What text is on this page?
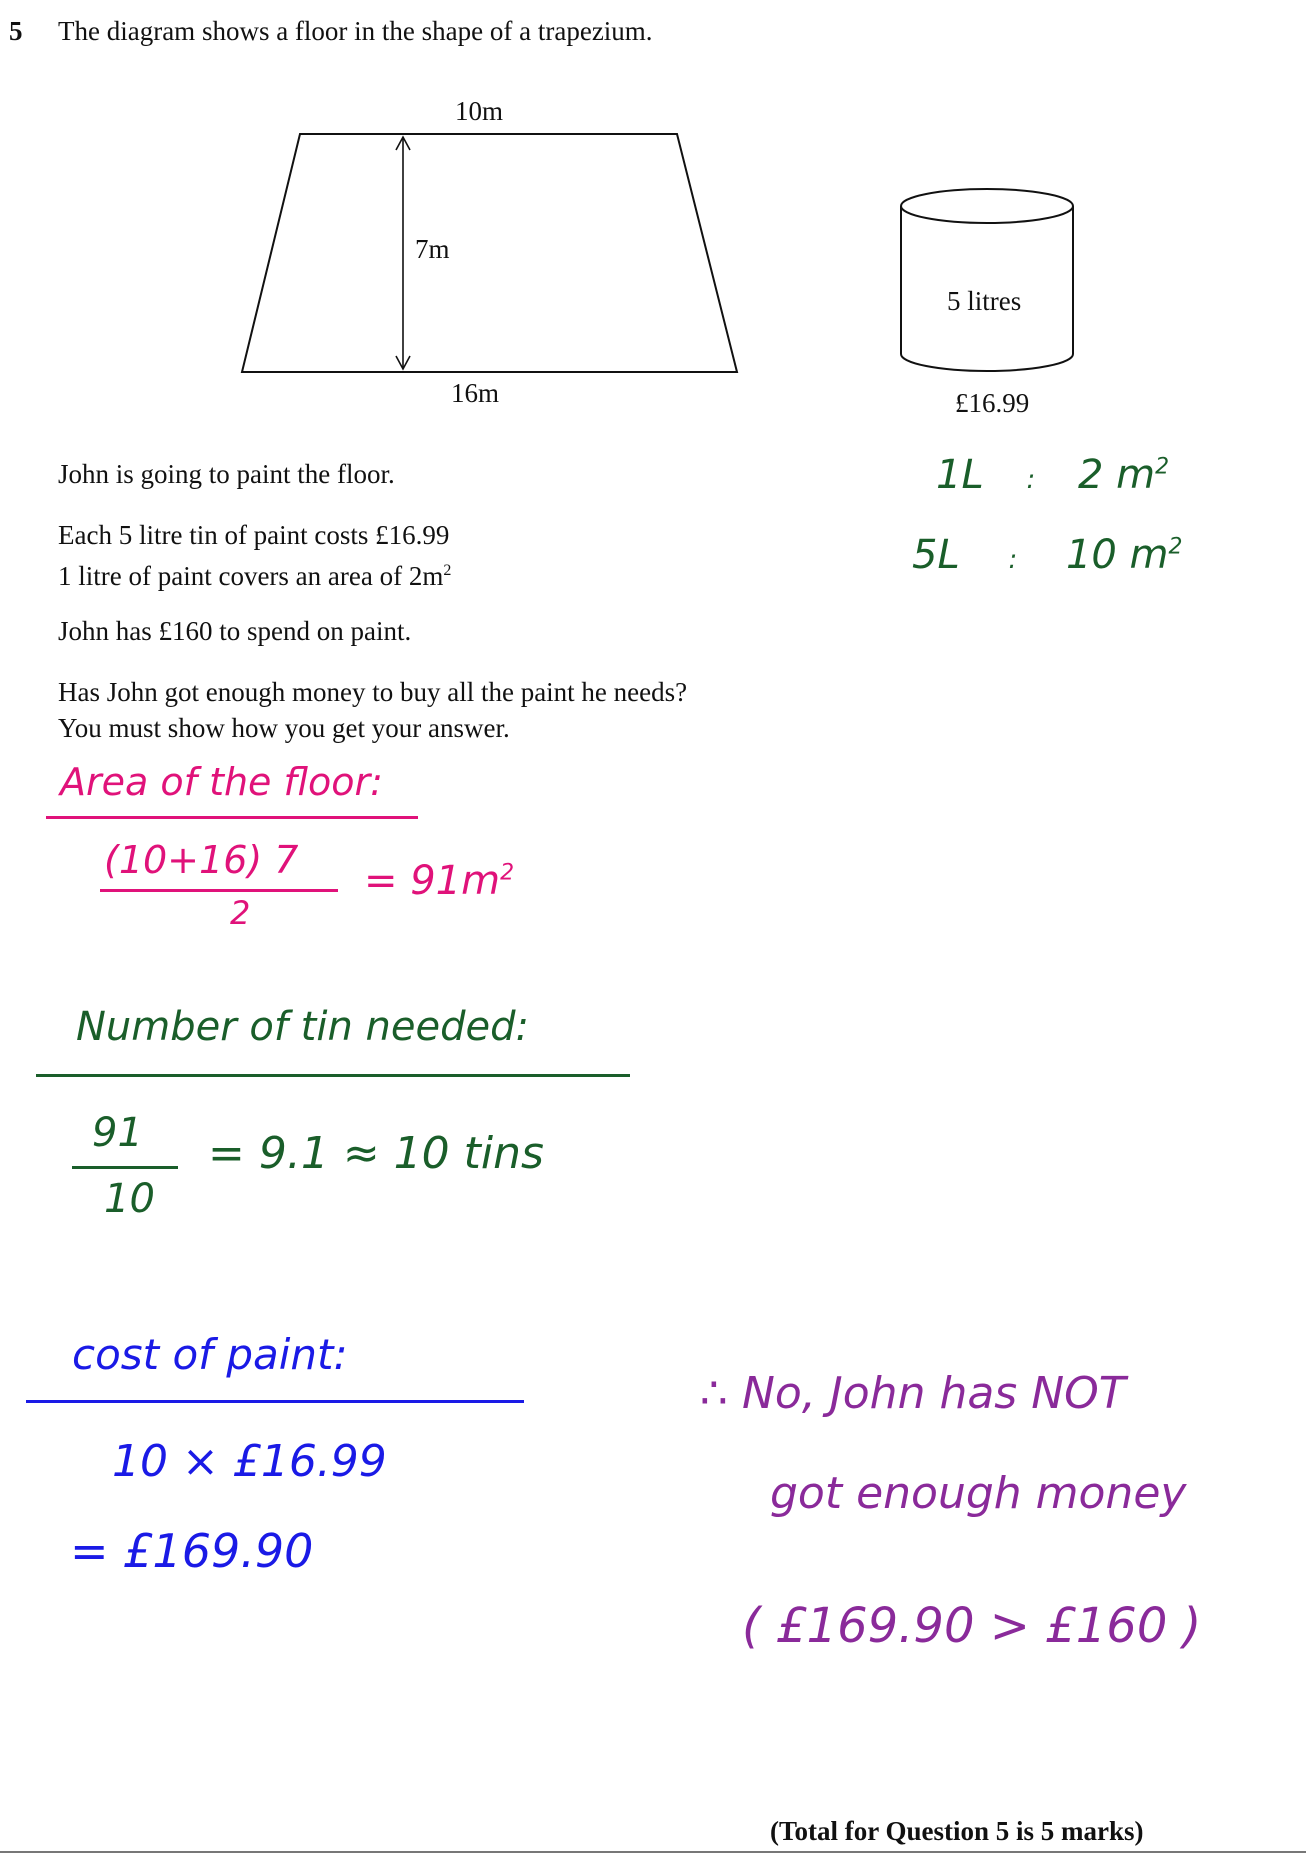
5 The diagram shows a floor in the shape of a trapezium.
10m
7m
16m
5 litres
£16.99
John is going to paint the floor.
Each 5 litre tin of paint costs £16.99
1 litre of paint covers an area of $2m^2$
John has £160 to spend on paint.
Has John got enough money to buy all the paint he needs?
You must show how you get your answer.
1L : 2 $m^2$
5L : 10 $m^2$
Area of the floor:
(10+16) 7
2
= $91m^2$
Number of tin needed:
91
10
= 9.1 ≈ 10 tins
cost of paint:
10 × £16.99
= £169.90
∴ No, John has NOT
got enough money
( £169.90 > £160 )
(Total for Question 5 is 5 marks)
